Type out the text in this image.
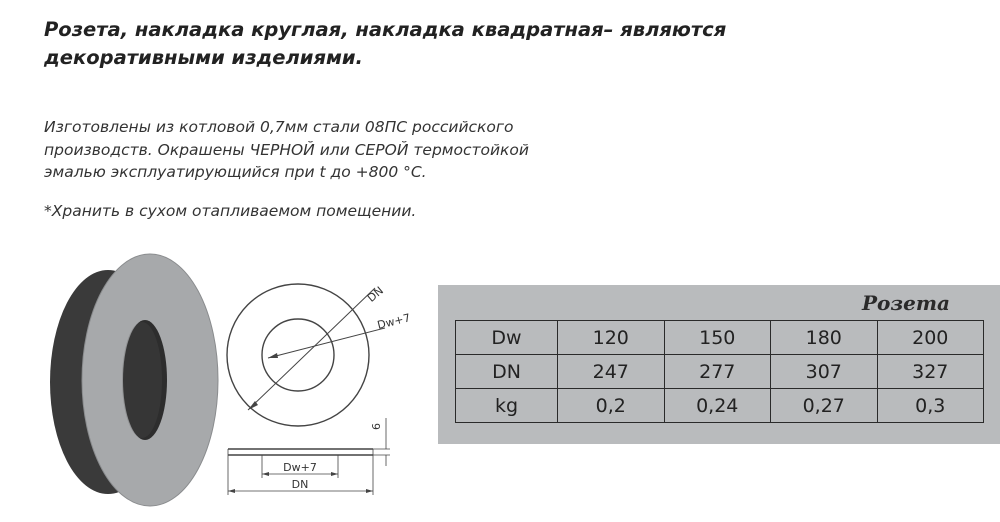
Розета, накладка круглая, накладка квадратная– являются
декоративными изделиями.
Изготовлены из котловой 0,7мм стали 08ПС российского
производств. Окрашены ЧЕРНОЙ или СЕРОЙ термостойкой
эмалью эксплуатирующийся при t до +800 °C.
*Хранить в сухом отапливаемом помещении.
DN
Dw+7
Dw+7
DN
6
Розета
Dw	120	150	180	200
DN	247	277	307	327
kg	0,2	0,24	0,27	0,3
